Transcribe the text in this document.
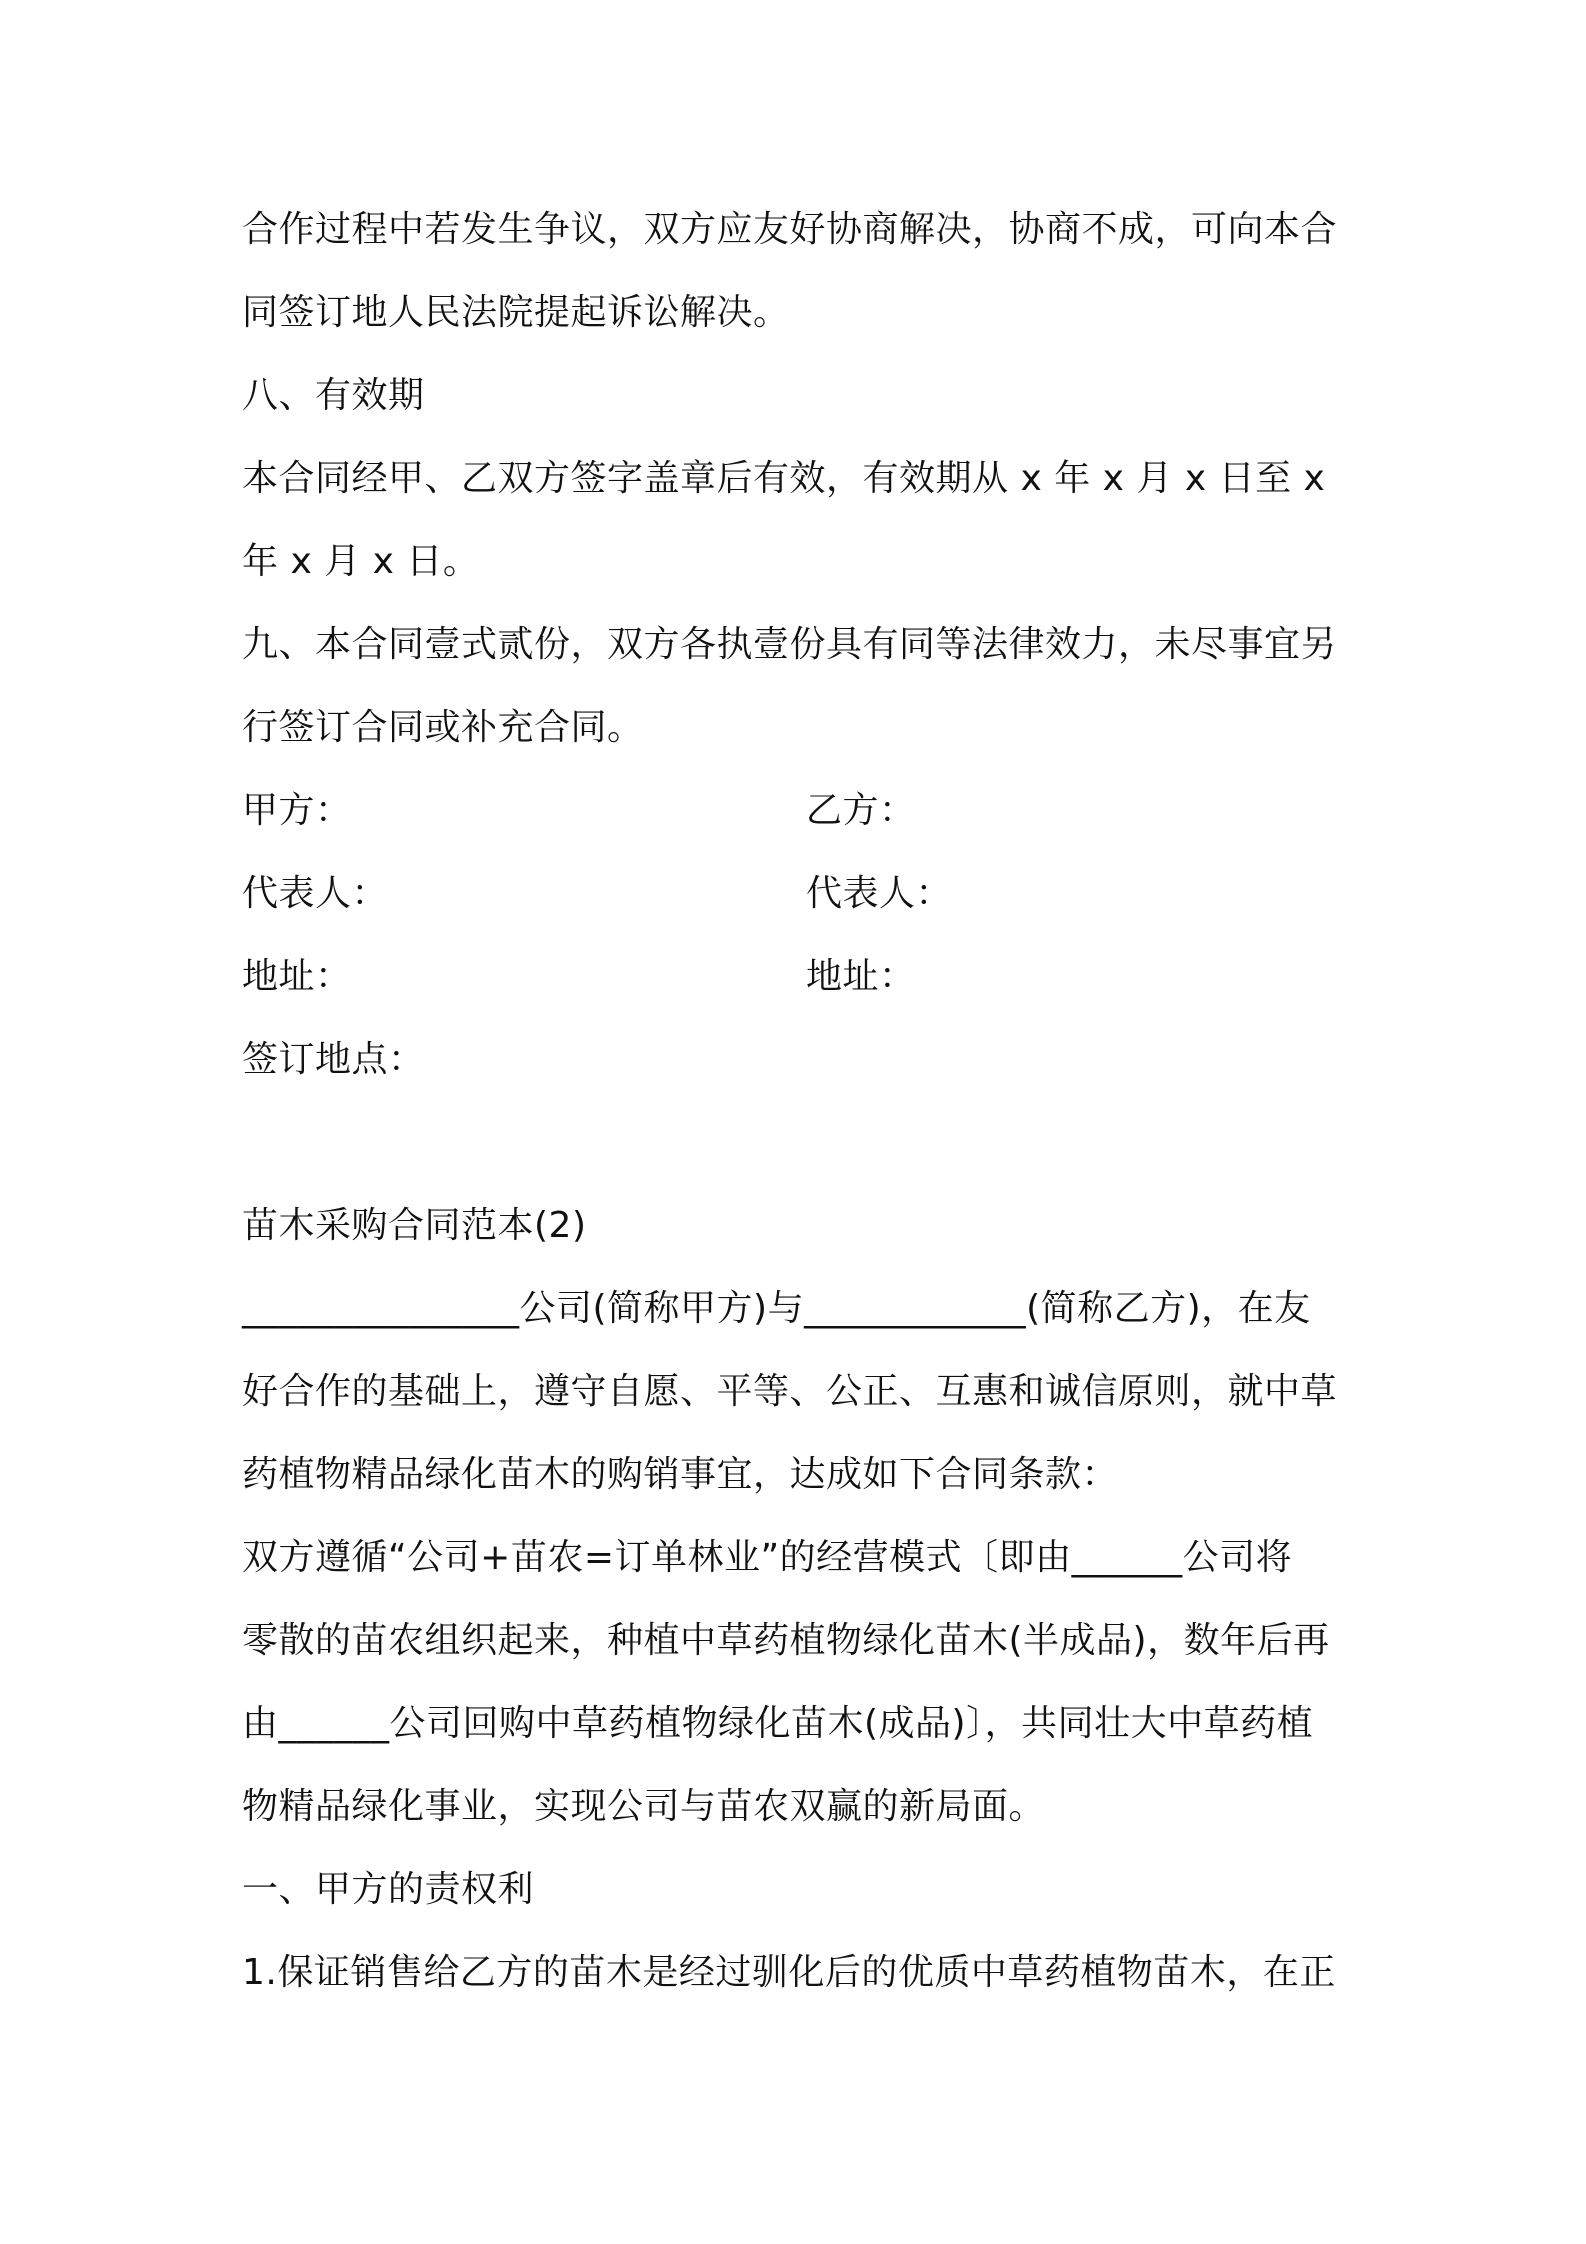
合作过程中若发生争议，双方应友好协商解决，协商不成，可向本合
同签订地人民法院提起诉讼解决。
八、有效期
本合同经甲、乙双方签字盖章后有效，有效期从 x 年 x 月 x 日至 x
年 x 月 x 日。
九、本合同壹式贰份，双方各执壹份具有同等法律效力，未尽事宜另
行签订合同或补充合同。
甲方：	乙方：
代表人：	代表人：
地址：	地址：
签订地点：
苗木采购合同范本(2)
_______________公司(简称甲方)与____________(简称乙方)，在友
好合作的基础上，遵守自愿、平等、公正、互惠和诚信原则，就中草
药植物精品绿化苗木的购销事宜，达成如下合同条款：
双方遵循“公司+苗农=订单林业”的经营模式〔即由______公司将
零散的苗农组织起来，种植中草药植物绿化苗木(半成品)，数年后再
由______公司回购中草药植物绿化苗木(成品)〕，共同壮大中草药植
物精品绿化事业，实现公司与苗农双赢的新局面。
一、甲方的责权利
1.保证销售给乙方的苗木是经过驯化后的优质中草药植物苗木，在正
